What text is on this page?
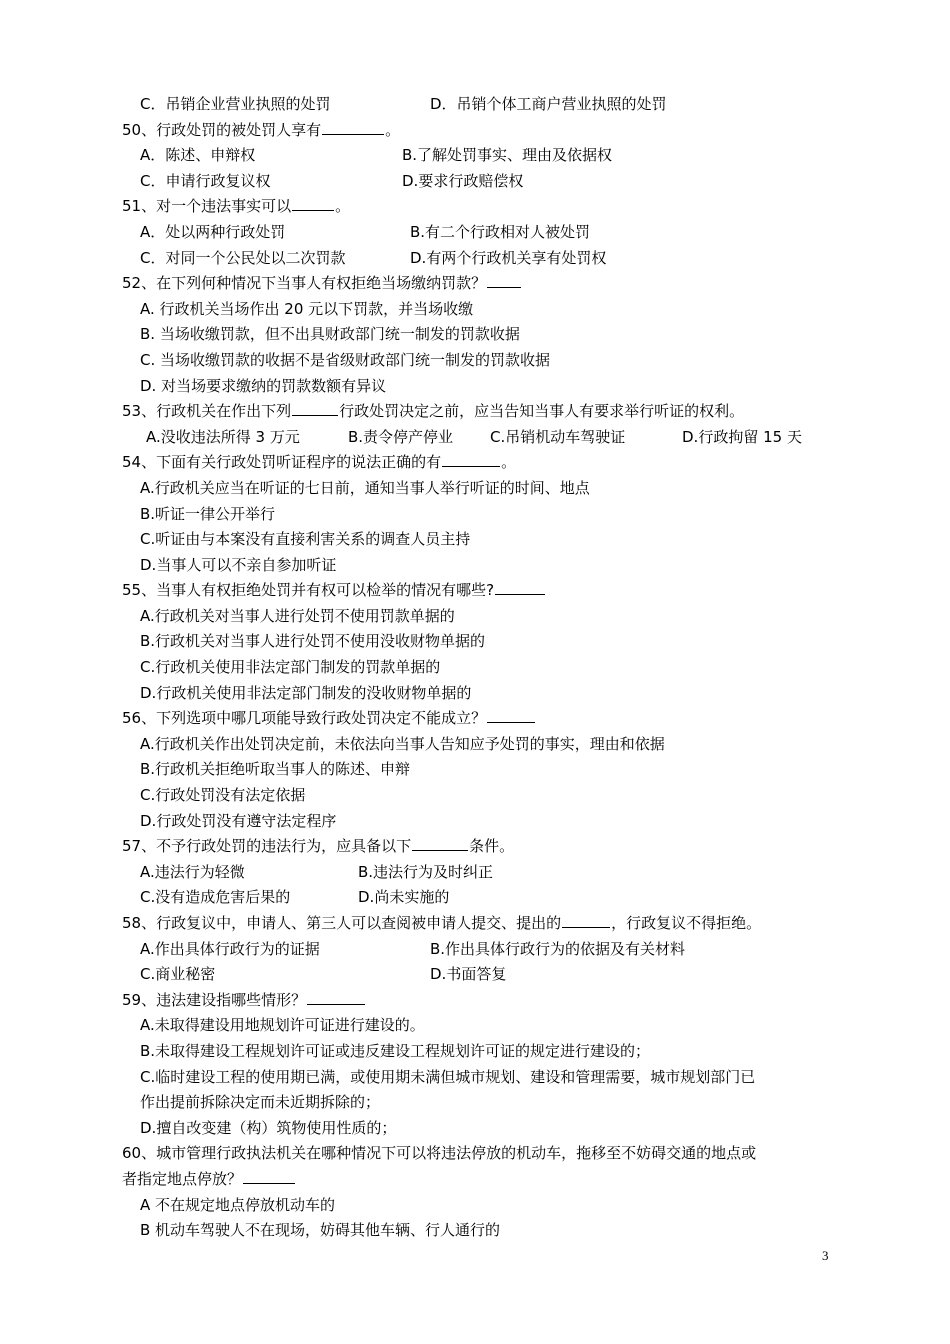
C．吊销企业营业执照的处罚	D．吊销个体工商户营业执照的处罚
50、行政处罚的被处罚人享有	。
A．陈述、申辩权	B.了解处罚事实、理由及依据权
C．申请行政复议权	D.要求行政赔偿权
51、对一个违法事实可以	。
A．处以两种行政处罚	B.有二个行政相对人被处罚
C．对同一个公民处以二次罚款	D.有两个行政机关享有处罚权
52、在下列何种情况下当事人有权拒绝当场缴纳罚款？
A. 行政机关当场作出 20 元以下罚款，并当场收缴
B. 当场收缴罚款，但不出具财政部门统一制发的罚款收据
C. 当场收缴罚款的收据不是省级财政部门统一制发的罚款收据
D. 对当场要求缴纳的罚款数额有异议
53、行政机关在作出下列	行政处罚决定之前，应当告知当事人有要求举行听证的权利。
A.没收违法所得 3 万元	B.责令停产停业 C.吊销机动车驾驶证	D.行政拘留 15 天
54、下面有关行政处罚听证程序的说法正确的有	。
A.行政机关应当在听证的七日前，通知当事人举行听证的时间、地点
B.听证一律公开举行
C.听证由与本案没有直接利害关系的调查人员主持
D.当事人可以不亲自参加听证
55、当事人有权拒绝处罚并有权可以检举的情况有哪些?
A.行政机关对当事人进行处罚不使用罚款单据的
B.行政机关对当事人进行处罚不使用没收财物单据的
C.行政机关使用非法定部门制发的罚款单据的
D.行政机关使用非法定部门制发的没收财物单据的
56、下列选项中哪几项能导致行政处罚决定不能成立？
A.行政机关作出处罚决定前，未依法向当事人告知应予处罚的事实，理由和依据
B.行政机关拒绝听取当事人的陈述、申辩
C.行政处罚没有法定依据
D.行政处罚没有遵守法定程序
57、不予行政处罚的违法行为，应具备以下	条件。
A.违法行为轻微	B.违法行为及时纠正
C.没有造成危害后果的	D.尚未实施的
58、行政复议中，申请人、第三人可以查阅被申请人提交、提出的	，行政复议不得拒绝。
A.作出具体行政行为的证据	B.作出具体行政行为的依据及有关材料
C.商业秘密	D.书面答复
59、违法建设指哪些情形？
A.未取得建设用地规划许可证进行建设的。
B.未取得建设工程规划许可证或违反建设工程规划许可证的规定进行建设的；
C.临时建设工程的使用期已满，或使用期未满但城市规划、建设和管理需要，城市规划部门已
作出提前拆除决定而未近期拆除的；
D.擅自改变建（构）筑物使用性质的；
60、城市管理行政执法机关在哪种情况下可以将违法停放的机动车，拖移至不妨碍交通的地点或
者指定地点停放？
A 不在规定地点停放机动车的
B 机动车驾驶人不在现场，妨碍其他车辆、行人通行的
3
